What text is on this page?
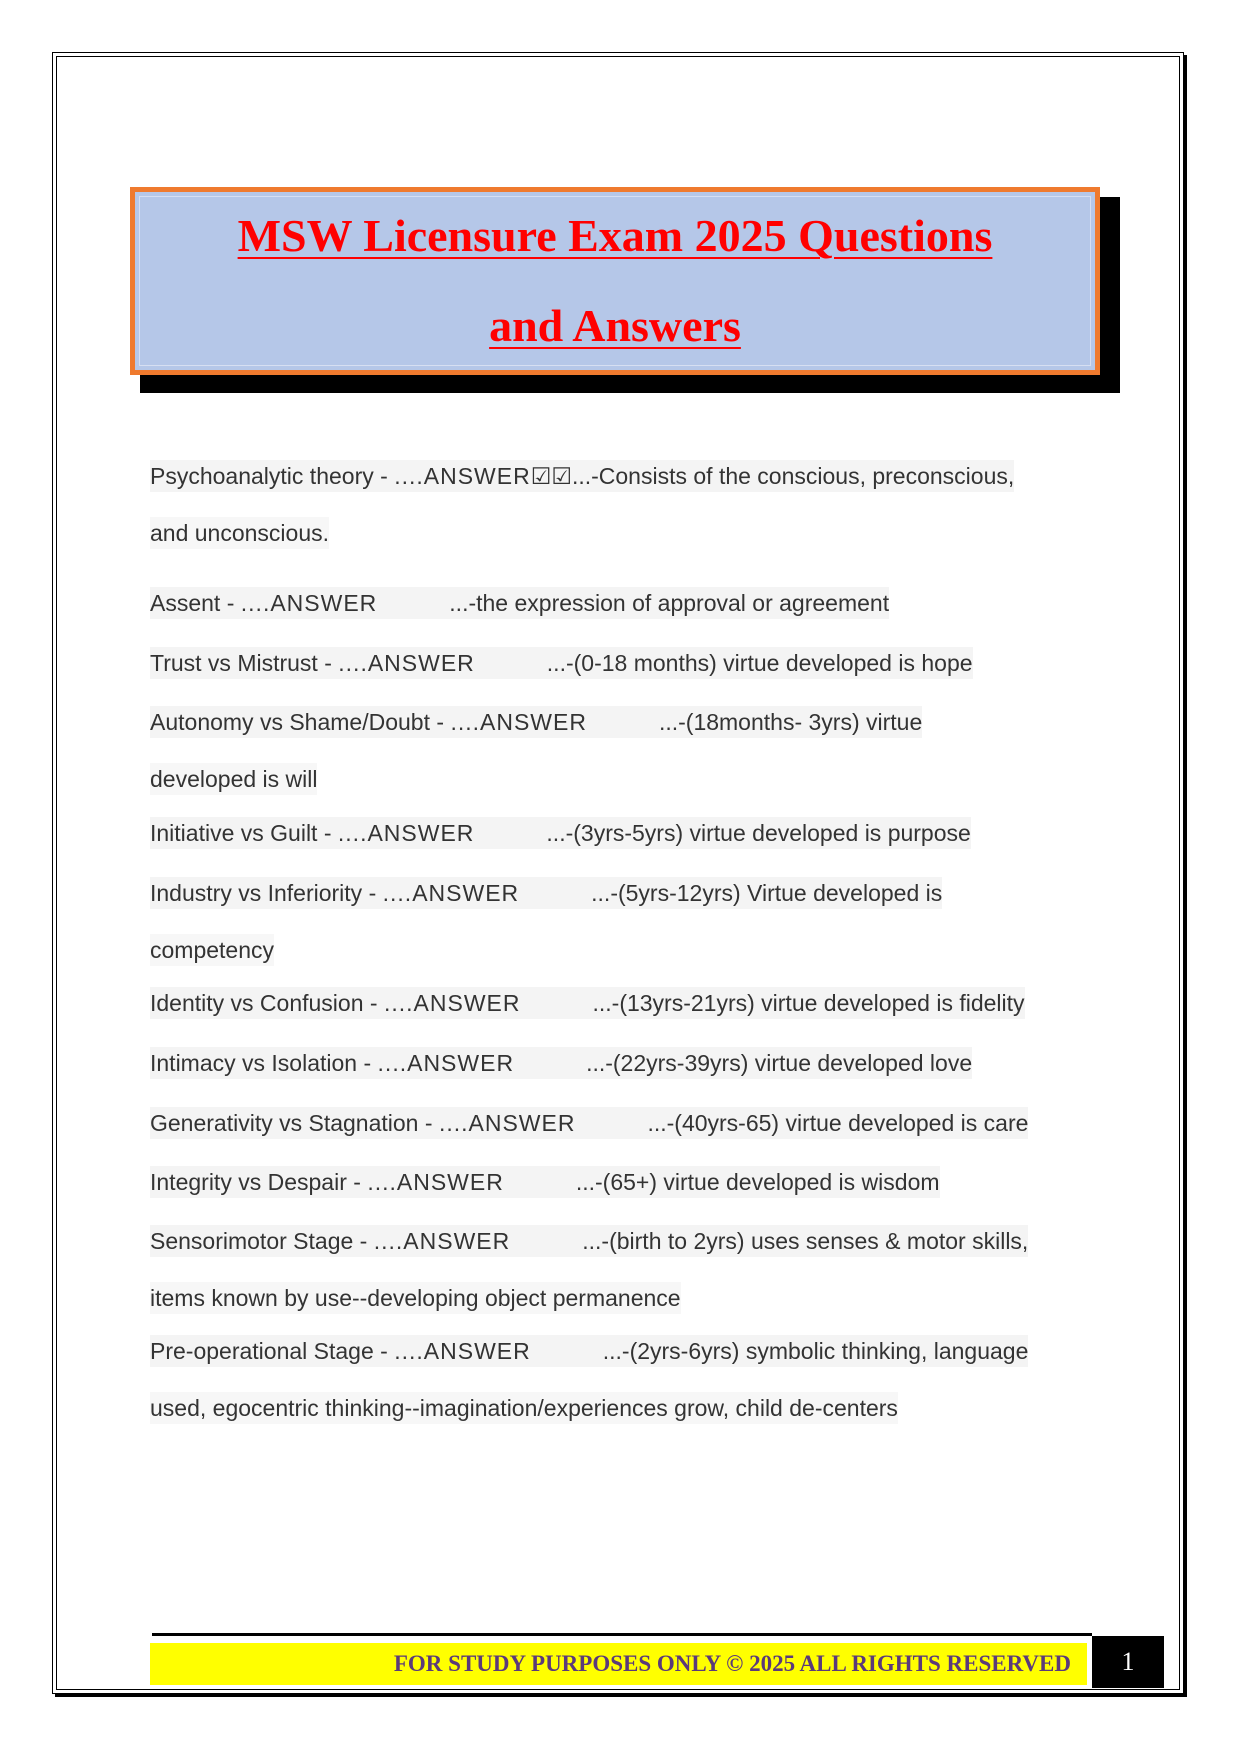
MSW Licensure Exam 2025 Questions
and Answers
Psychoanalytic theory - ....ANSWER☑☑...-Consists of the conscious, preconscious,
and unconscious.
Assent - ....ANSWER	...-the expression of approval or agreement
Trust vs Mistrust - ....ANSWER	...-(0-18 months) virtue developed is hope
Autonomy vs Shame/Doubt - ....ANSWER	...-(18months- 3yrs) virtue
developed is will
Initiative vs Guilt - ....ANSWER	...-(3yrs-5yrs) virtue developed is purpose
Industry vs Inferiority - ....ANSWER	...-(5yrs-12yrs) Virtue developed is
competency
Identity vs Confusion - ....ANSWER	...-(13yrs-21yrs) virtue developed is fidelity
Intimacy vs Isolation - ....ANSWER	...-(22yrs-39yrs) virtue developed love
Generativity vs Stagnation - ....ANSWER	...-(40yrs-65) virtue developed is care
Integrity vs Despair - ....ANSWER	...-(65+) virtue developed is wisdom
Sensorimotor Stage - ....ANSWER	...-(birth to 2yrs) uses senses & motor skills,
items known by use--developing object permanence
Pre-operational Stage - ....ANSWER	...-(2yrs-6yrs) symbolic thinking, language
used, egocentric thinking--imagination/experiences grow, child de-centers
FOR STUDY PURPOSES ONLY © 2025 ALL RIGHTS RESERVED	1
